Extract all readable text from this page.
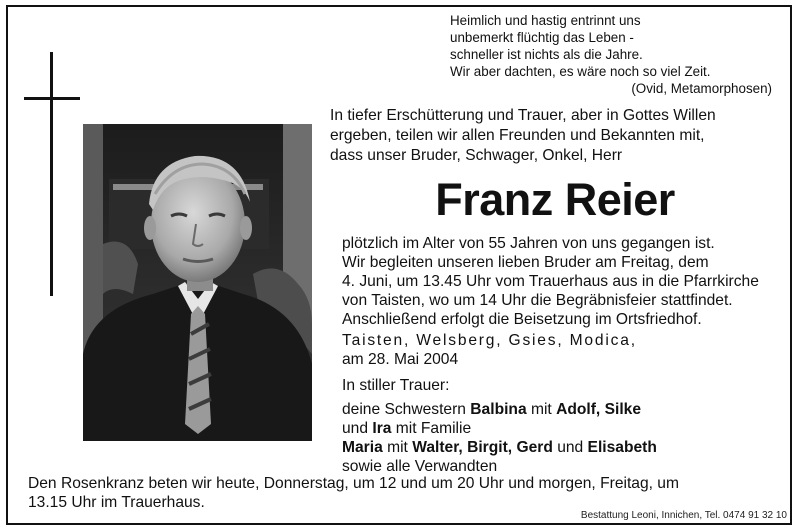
Heimlich und hastig entrinnt uns
unbemerkt flüchtig das Leben -
schneller ist nichts als die Jahre.
Wir aber dachten, es wäre noch so viel Zeit.
(Ovid, Metamorphosen)
In tiefer Erschütterung und Trauer, aber in Gottes Willen
ergeben, teilen wir allen Freunden und Bekannten mit,
dass unser Bruder, Schwager, Onkel, Herr
Franz Reier
plötzlich im Alter von 55 Jahren von uns gegangen ist.
Wir begleiten unseren lieben Bruder am Freitag, dem
4. Juni, um 13.45 Uhr vom Trauerhaus aus in die Pfarrkirche
von Taisten, wo um 14 Uhr die Begräbnisfeier stattfindet.
Anschließend erfolgt die Beisetzung im Ortsfriedhof.
Taisten, Welsberg, Gsies, Modica,
am 28. Mai 2004
In stiller Trauer:
deine Schwestern Balbina mit Adolf, Silke
und Ira mit Familie
Maria mit Walter, Birgit, Gerd und Elisabeth
sowie alle Verwandten
Den Rosenkranz beten wir heute, Donnerstag, um 12 und um 20 Uhr und morgen, Freitag, um
13.15 Uhr im Trauerhaus.
Bestattung Leoni, Innichen, Tel. 0474 91 32 10
